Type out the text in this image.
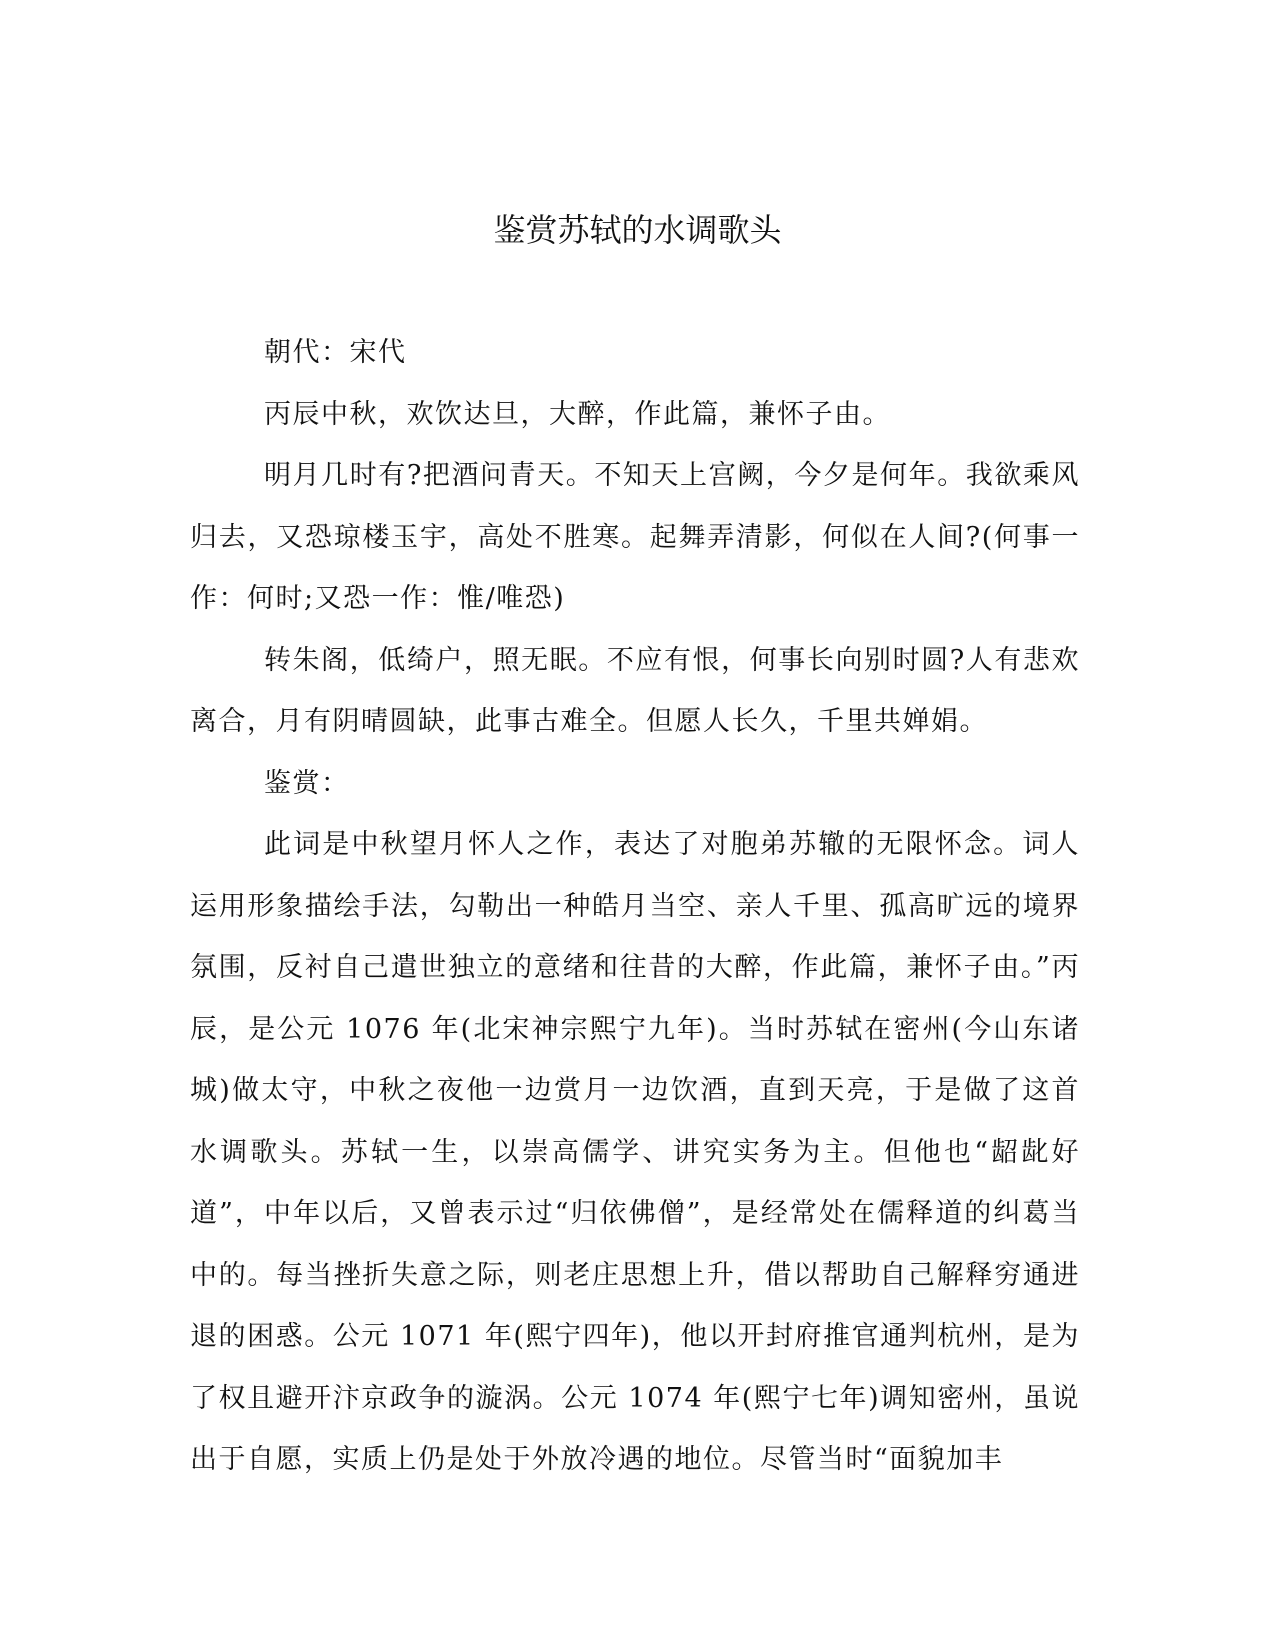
鉴赏苏轼的水调歌头

朝代：宋代

丙辰中秋，欢饮达旦，大醉，作此篇，兼怀子由。

明月几时有?把酒问青天。不知天上宫阙，今夕是何年。我欲乘风归去，又恐琼楼玉宇，高处不胜寒。起舞弄清影，何似在人间?(何事一作：何时;又恐一作：惟/唯恐)

转朱阁，低绮户，照无眠。不应有恨，何事长向别时圆?人有悲欢离合，月有阴晴圆缺，此事古难全。但愿人长久，千里共婵娟。

鉴赏：

此词是中秋望月怀人之作，表达了对胞弟苏辙的无限怀念。词人运用形象描绘手法，勾勒出一种皓月当空、亲人千里、孤高旷远的境界氛围，反衬自己遣世独立的意绪和往昔的大醉，作此篇，兼怀子由。”丙辰，是公元 1076 年(北宋神宗熙宁九年)。当时苏轼在密州(今山东诸城)做太守，中秋之夜他一边赏月一边饮酒，直到天亮，于是做了这首水调歌头。苏轼一生，以崇高儒学、讲究实务为主。但他也“龆龀好道”，中年以后，又曾表示过“归依佛僧”，是经常处在儒释道的纠葛当中的。每当挫折失意之际，则老庄思想上升，借以帮助自己解释穷通进退的困惑。公元 1071 年(熙宁四年)，他以开封府推官通判杭州，是为了权且避开汴京政争的漩涡。公元 1074 年(熙宁七年)调知密州，虽说出于自愿，实质上仍是处于外放冷遇的地位。尽管当时“面貌加丰
